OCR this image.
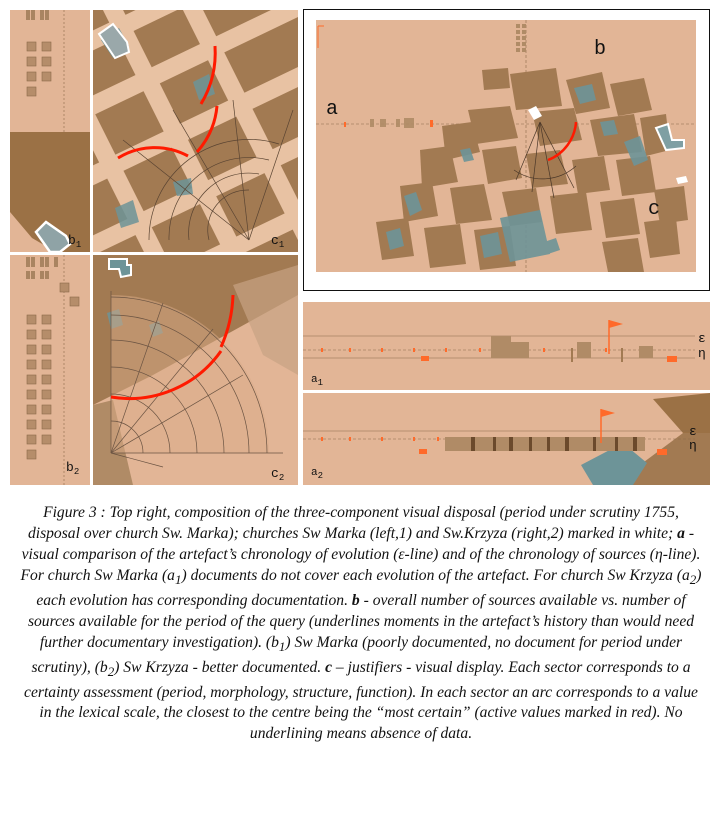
$b_1$	$c_1$
$b_2$	$c_2$
a
b
c
ε
η
$a_1$
ε
η
$a_2$
Figure 3 : Top right, composition of the three-component visual disposal (period under scrutiny 1755, disposal over church Sw. Marka); churches Sw Marka (left,1) and Sw.Krzyza (right,2) marked in white; a - visual comparison of the artefact’s chronology of evolution (ε-line) and of the chronology of sources (η-line). For church Sw Marka $(a_1)$ documents do not cover each evolution of the artefact. For church Sw Krzyza $(a_2)$ each evolution has corresponding documentation. b - overall number of sources available vs. number of sources available for the period of the query (underlines moments in the artefact’s history than would need further documentary investigation). $(b_1)$ Sw Marka (poorly documented, no document for period under scrutiny), $(b_2)$ Sw Krzyza - better documented. c – justifiers - visual display. Each sector corresponds to a certainty assessment (period, morphology, structure, function). In each sector an arc corresponds to a value in the lexical scale, the closest to the centre being the “most certain” (active values marked in red). No underlining means absence of data.
